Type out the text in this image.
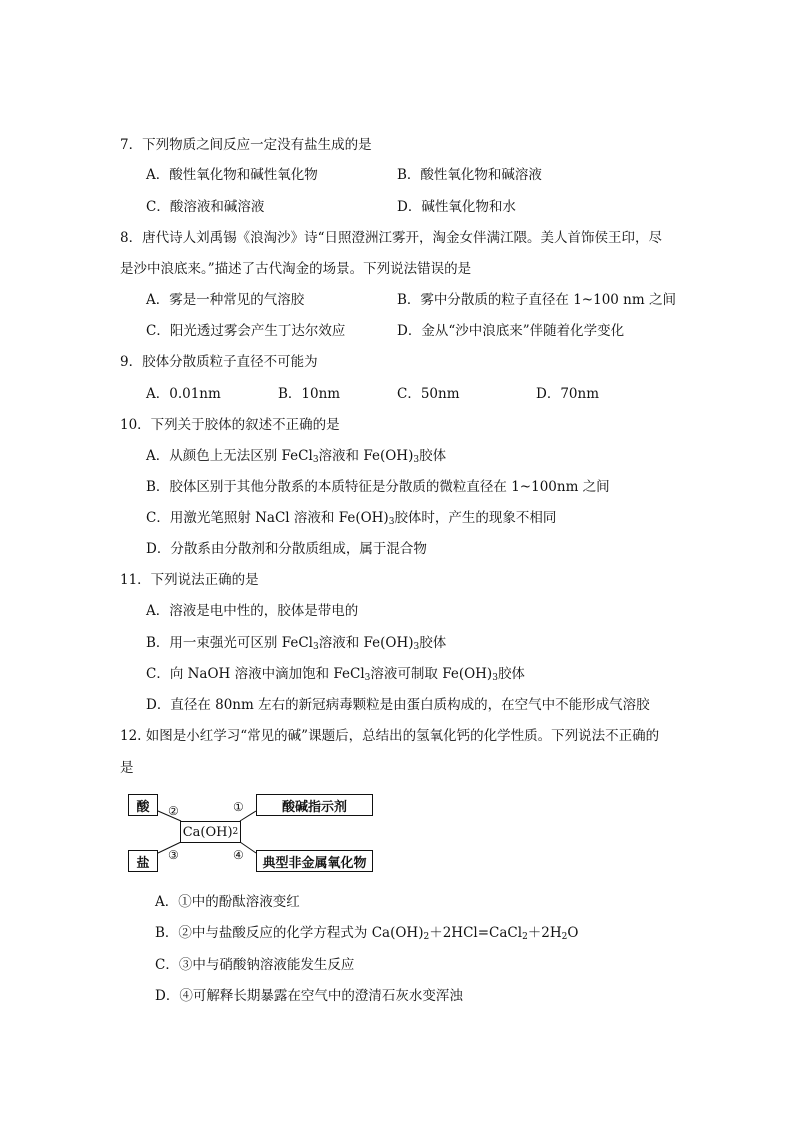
7．下列物质之间反应一定没有盐生成的是
A．酸性氧化物和碱性氧化物	B．酸性氧化物和碱溶液
C．酸溶液和碱溶液	D．碱性氧化物和水
8．唐代诗人刘禹锡《浪淘沙》诗“日照澄洲江雾开，淘金女伴满江隈。美人首饰侯王印，尽
是沙中浪底来。”描述了古代淘金的场景。下列说法错误的是
A．雾是一种常见的气溶胶	B．雾中分散质的粒子直径在 1~100 nm 之间
C．阳光透过雾会产生丁达尔效应	D．金从“沙中浪底来”伴随着化学变化
9．胶体分散质粒子直径不可能为
A．0.01nm	B．10nm	C．50nm	D．70nm
10．下列关于胶体的叙述不正确的是
A．从颜色上无法区别 FeCl$_3$溶液和 $Fe(OH)_3$胶体
B．胶体区别于其他分散系的本质特征是分散质的微粒直径在 1~100nm 之间
C．用激光笔照射 NaCl 溶液和 $Fe(OH)_3$胶体时，产生的现象不相同
D．分散系由分散剂和分散质组成，属于混合物
11．下列说法正确的是
A．溶液是电中性的，胶体是带电的
B．用一束强光可区别 FeCl$_3$溶液和 $Fe(OH)_3$胶体
C．向 NaOH 溶液中滴加饱和 FeCl$_3$溶液可制取 $Fe(OH)_3$胶体
D．直径在 80nm 左右的新冠病毒颗粒是由蛋白质构成的，在空气中不能形成气溶胶
12. 如图是小红学习“常见的碱”课题后，总结出的氢氧化钙的化学性质。下列说法不正确的
是
酸
盐
Ca(OH) 2
酸碱指示剂
典型非金属氧化物
②	①
③	④
A．①中的酚酞溶液变红
B．②中与盐酸反应的化学方程式为 $Ca(OH)_2+2HCl=CaCl_2+2H_2O$
C．③中与硝酸钠溶液能发生反应
D．④可解释长期暴露在空气中的澄清石灰水变浑浊
